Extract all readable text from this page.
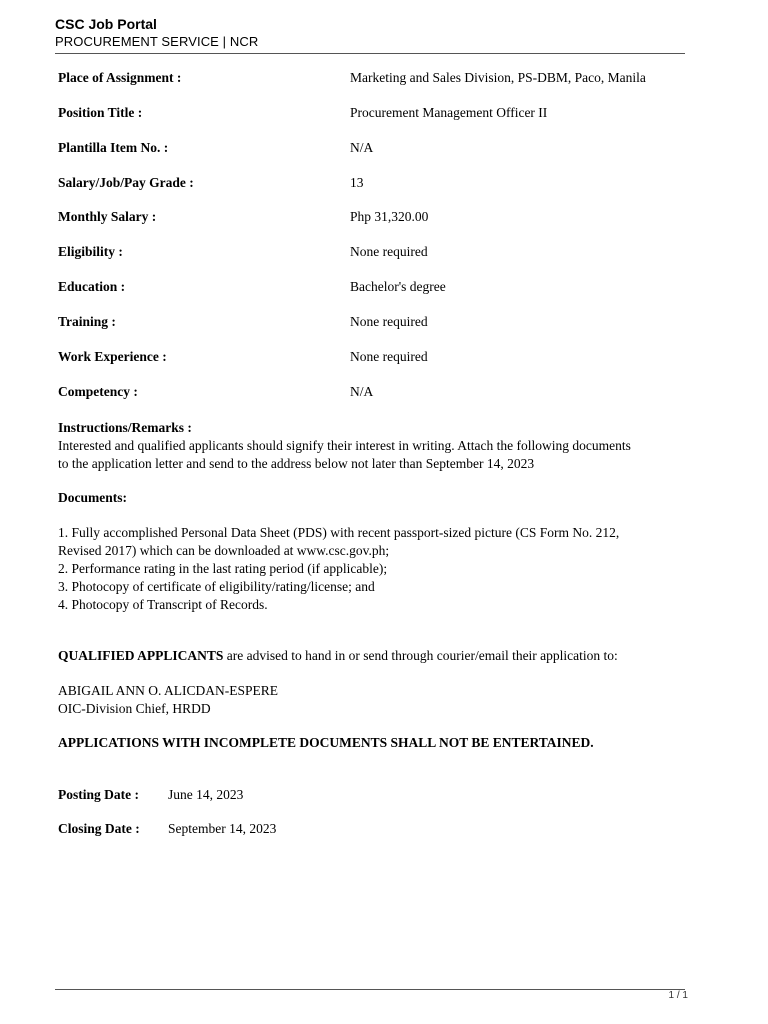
CSC Job Portal
PROCUREMENT SERVICE | NCR
Place of Assignment :	Marketing and Sales Division, PS-DBM, Paco, Manila
Position Title :	Procurement Management Officer II
Plantilla Item No. :	N/A
Salary/Job/Pay Grade :	13
Monthly Salary :	Php 31,320.00
Eligibility :	None required
Education :	Bachelor's degree
Training :	None required
Work Experience :	None required
Competency :	N/A
Instructions/Remarks :
Interested and qualified applicants should signify their interest in writing. Attach the following documents
to the application letter and send to the address below not later than September 14, 2023
Documents:
1. Fully accomplished Personal Data Sheet (PDS) with recent passport-sized picture (CS Form No. 212,
Revised 2017) which can be downloaded at www.csc.gov.ph;
2. Performance rating in the last rating period (if applicable);
3. Photocopy of certificate of eligibility/rating/license; and
4. Photocopy of Transcript of Records.
QUALIFIED APPLICANTS are advised to hand in or send through courier/email their application to:
ABIGAIL ANN O. ALICDAN-ESPERE
OIC-Division Chief, HRDD
APPLICATIONS WITH INCOMPLETE DOCUMENTS SHALL NOT BE ENTERTAINED.
Posting Date : June 14, 2023
Closing Date : September 14, 2023
1 / 1
